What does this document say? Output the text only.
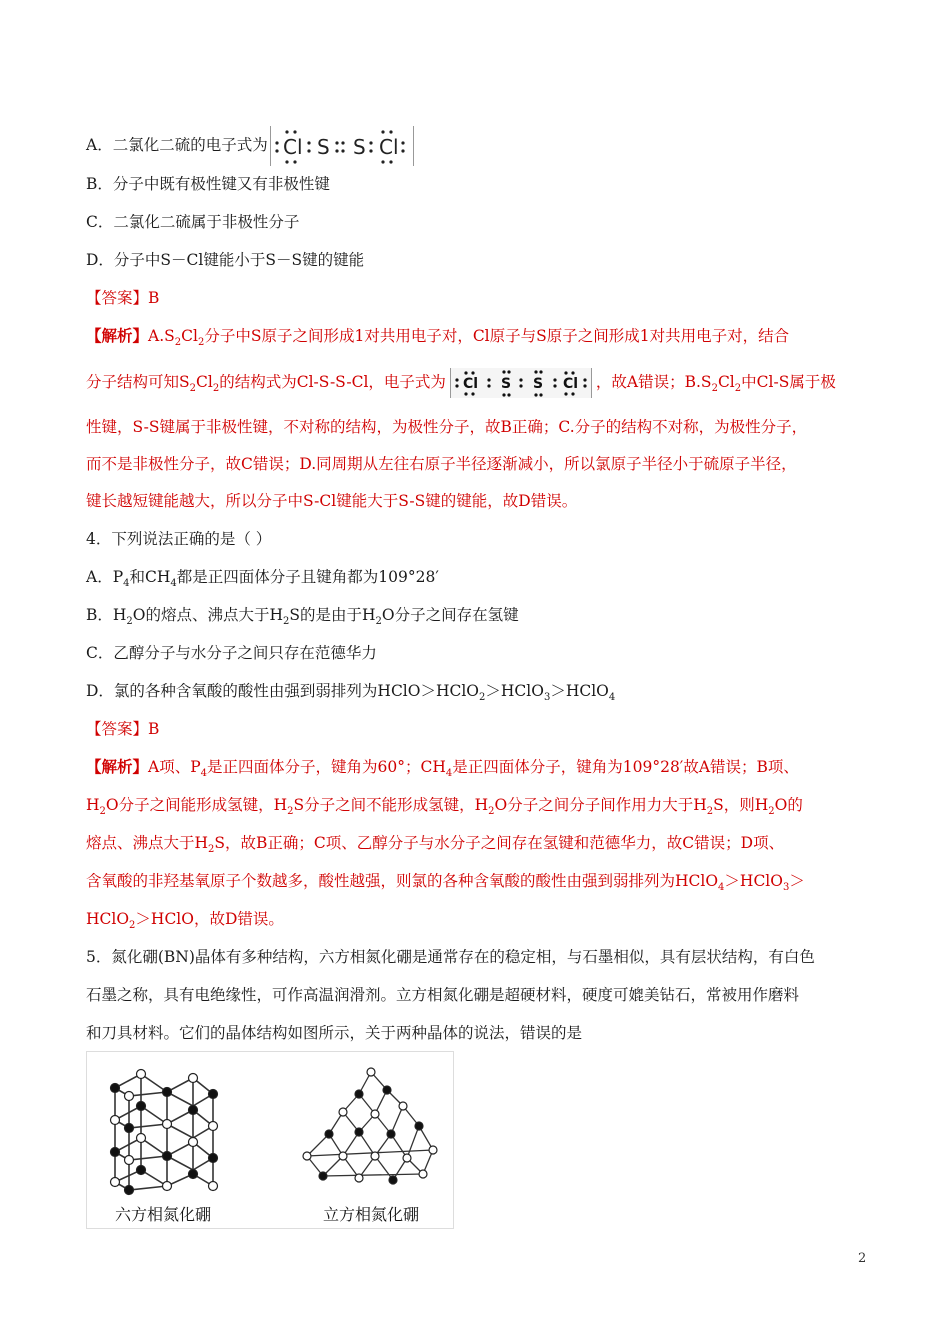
A．二氯化二硫的电子式为 Cl S S Cl
B．分子中既有极性键又有非极性键
C．二氯化二硫属于非极性分子
D．分子中S－Cl键能小于S－S键的键能
【答案】B
【解析】$A.S_2Cl_2$分子中S原子之间形成1对共用电子对，Cl原子与S原子之间形成1对共用电子对，结合
分子结构可知$S_2Cl_2$的结构式为Cl-S-S-Cl，电子式为 Cl S S Cl ，故A错误；$B.S_2Cl_2$中Cl-S属于极
性键，S-S键属于非极性键，不对称的结构，为极性分子，故B正确；C.分子的结构不对称，为极性分子，
而不是非极性分子，故C错误；D.同周期从左往右原子半径逐渐减小，所以氯原子半径小于硫原子半径，
键长越短键能越大，所以分子中S-Cl键能大于S-S键的键能，故D错误。
4．下列说法正确的是（ ）
A．$P_4$和$CH_4$都是正四面体分子且键角都为109°28′
B．$H_2O$的熔点、沸点大于$H_2S$的是由于$H_2O$分子之间存在氢键
C．乙醇分子与水分子之间只存在范德华力
D．氯的各种含氧酸的酸性由强到弱排列为HClO＞HClO$_2$＞HClO$_3$＞HClO$_4$
【答案】B
【解析】A项、$P_4$是正四面体分子，键角为60°；$CH_4$是正四面体分子，键角为109°28′故A错误；B项、
$H_2O$分子之间能形成氢键，$H_2S$分子之间不能形成氢键，$H_2O$分子之间分子间作用力大于$H_2S$，则$H_2O$的
熔点、沸点大于$H_2S$，故B正确；C项、乙醇分子与水分子之间存在氢键和范德华力，故C错误；D项、
含氧酸的非羟基氧原子个数越多，酸性越强，则氯的各种含氧酸的酸性由强到弱排列为HClO$_4$＞HClO$_3$＞
HClO$_2$＞HClO，故D错误。
5．氮化硼(BN)晶体有多种结构，六方相氮化硼是通常存在的稳定相，与石墨相似，具有层状结构，有白色
石墨之称，具有电绝缘性，可作高温润滑剂。立方相氮化硼是超硬材料，硬度可媲美钻石，常被用作磨料
和刀具材料。它们的晶体结构如图所示，关于两种晶体的说法，错误的是
六方相氮化硼	立方相氮化硼
2
